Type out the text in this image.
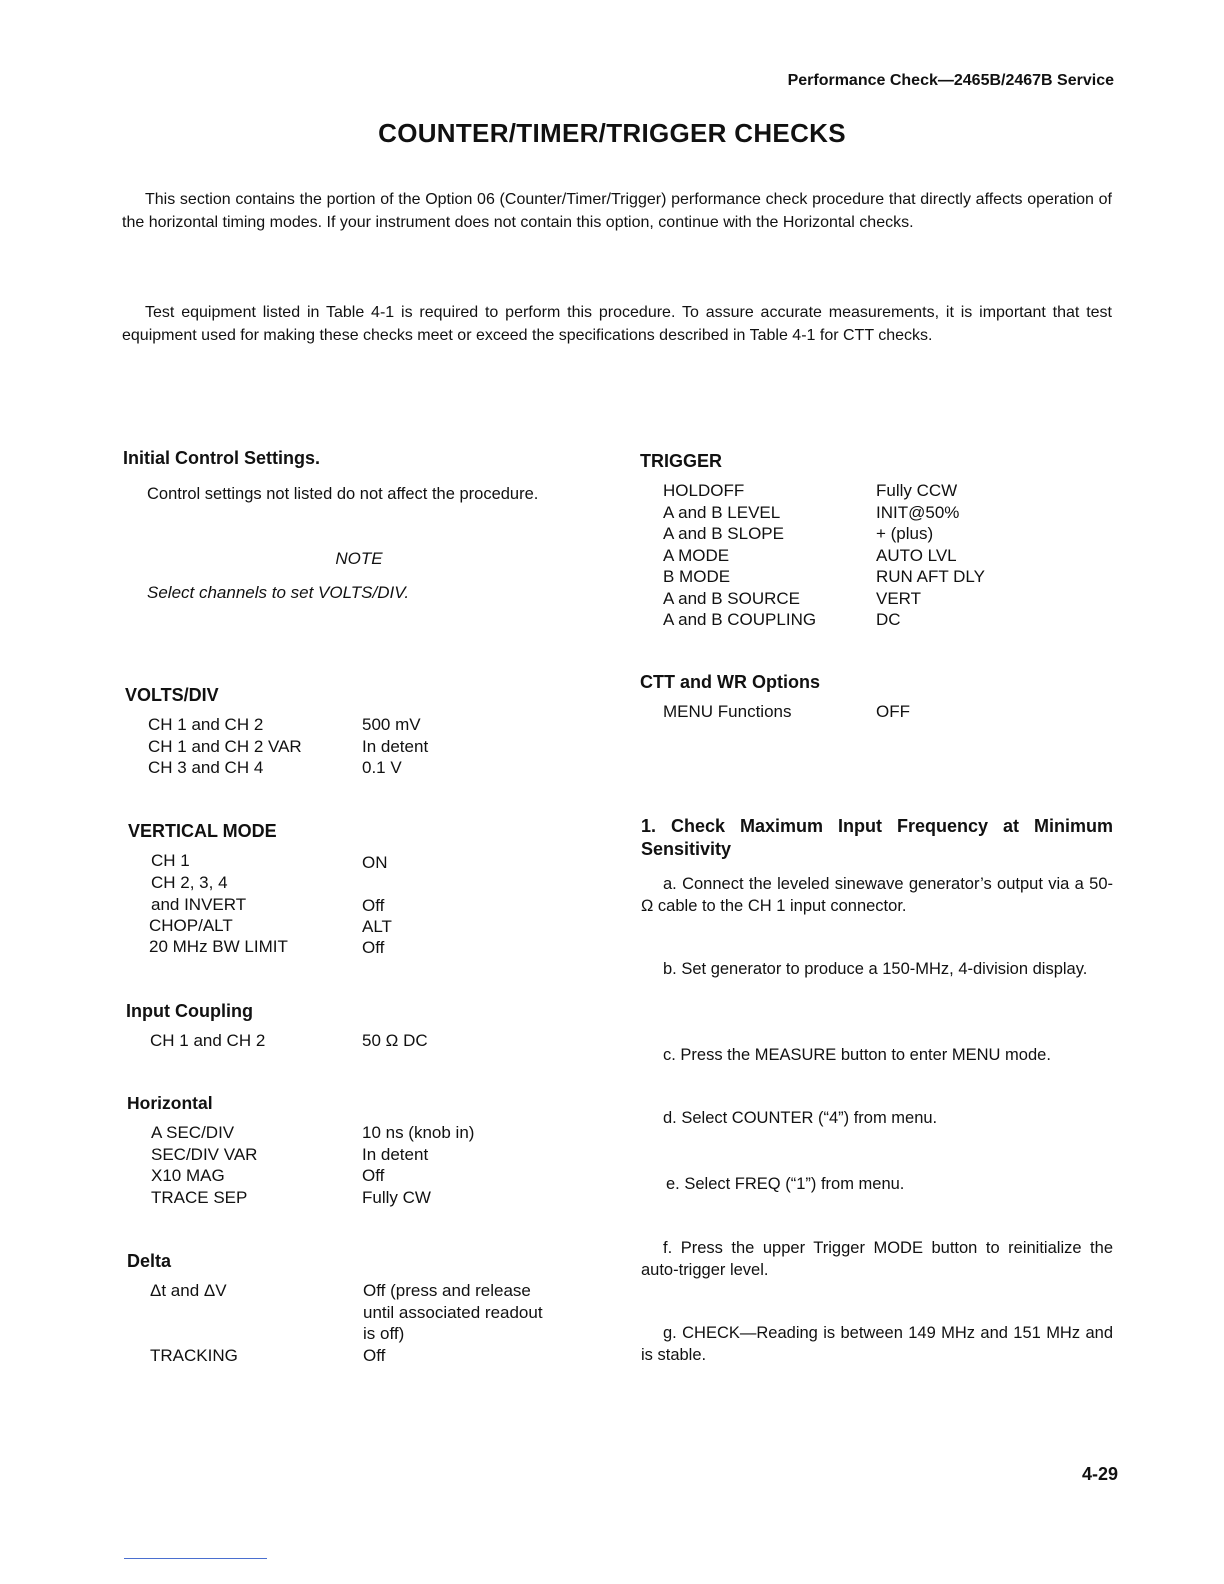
Performance Check—2465B/2467B Service
COUNTER/TIMER/TRIGGER CHECKS

This section contains the portion of the Option 06 (Counter/Timer/Trigger) performance check procedure that directly affects operation of the horizontal timing modes. If your instrument does not contain this option, continue with the Horizontal checks.

Test equipment listed in Table 4-1 is required to perform this procedure. To assure accurate measurements, it is important that test equipment used for making these checks meet or exceed the specifications described in Table 4-1 for CTT checks.

Initial Control Settings.
Control settings not listed do not affect the procedure.
NOTE
Select channels to set VOLTS/DIV.
VOLTS/DIV
CH 1 and CH 2	500 mV
CH 1 and CH 2 VAR	In detent
CH 3 and CH 4	0.1 V
VERTICAL MODE
CH 1	ON
CH 2, 3, 4
and INVERT	Off
CHOP/ALT	ALT
20 MHz BW LIMIT	Off
Input Coupling
CH 1 and CH 2	50 Ω DC
Horizontal
A SEC/DIV	10 ns (knob in)
SEC/DIV VAR	In detent
X10 MAG	Off
TRACE SEP	Fully CW
Delta
Δt and ΔV	Off (press and release
until associated readout
is off)
TRACKING	Off
TRIGGER
HOLDOFF	Fully CCW
A and B LEVEL	INIT@50%
A and B SLOPE	+ (plus)
A MODE	AUTO LVL
B MODE	RUN AFT DLY
A and B SOURCE	VERT
A and B COUPLING	DC
CTT and WR Options
MENU Functions	OFF
1. Check Maximum Input Frequency at Minimum Sensitivity
a. Connect the leveled sinewave generator’s output via a 50-Ω cable to the CH 1 input connector.
b. Set generator to produce a 150-MHz, 4-division display.
c. Press the MEASURE button to enter MENU mode.
d. Select COUNTER (“4”) from menu.
e. Select FREQ (“1”) from menu.
f. Press the upper Trigger MODE button to reinitialize the auto-trigger level.
g. CHECK—Reading is between 149 MHz and 151 MHz and is stable.
4-29
